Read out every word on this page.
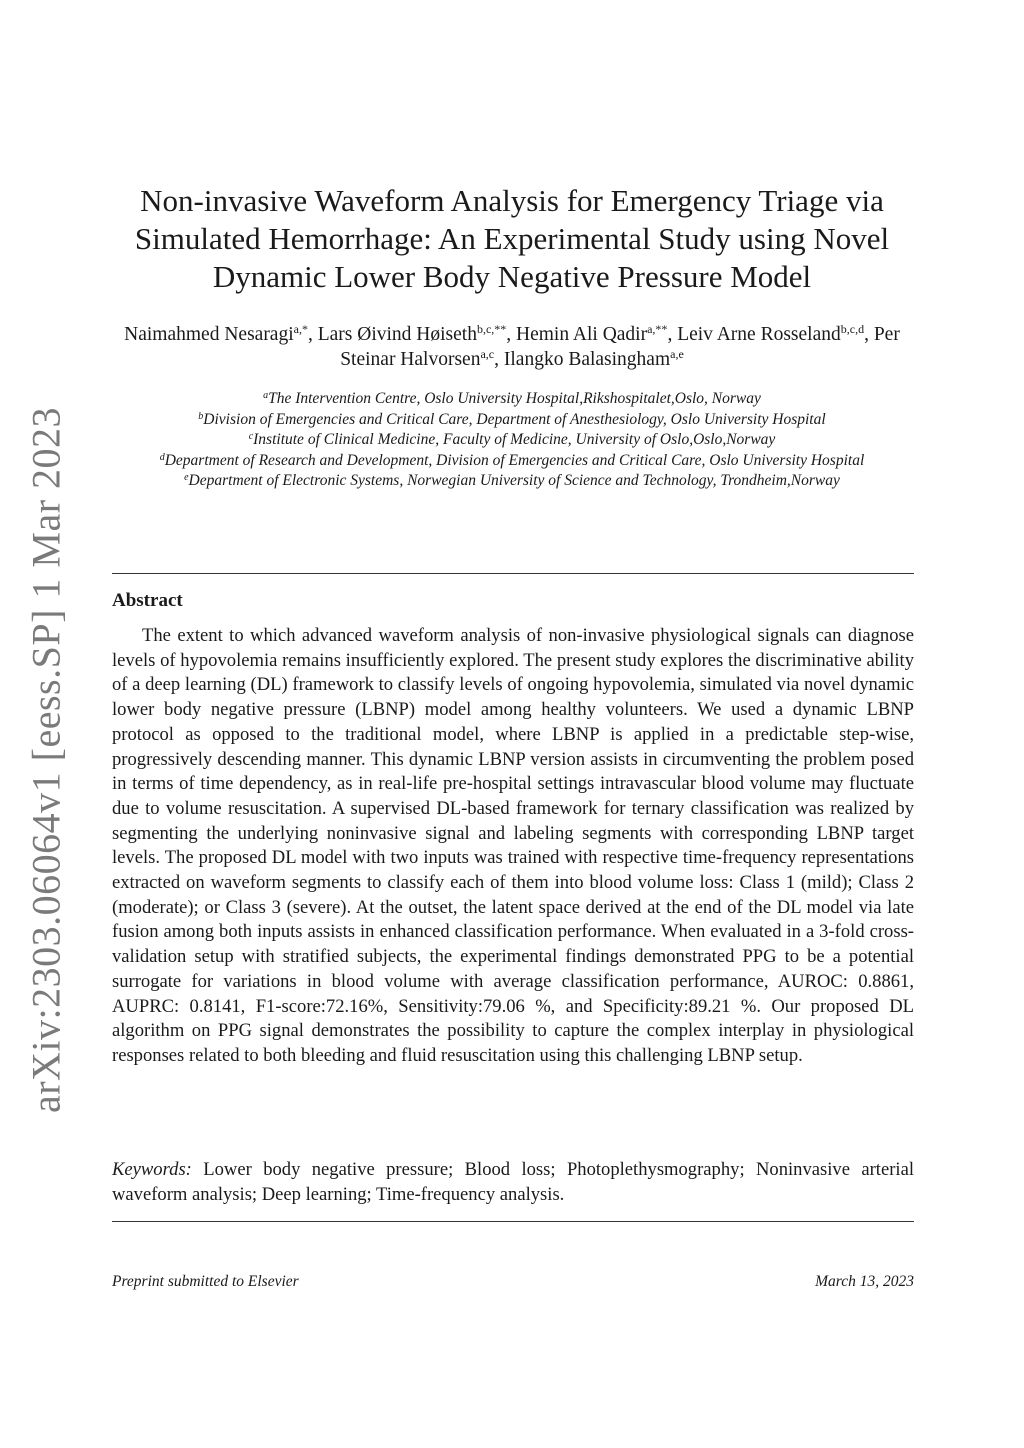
arXiv:2303.06064v1 [eess.SP] 1 Mar 2023
Non-invasive Waveform Analysis for Emergency Triage via Simulated Hemorrhage: An Experimental Study using Novel Dynamic Lower Body Negative Pressure Model
Naimahmed Nesaragi$^{a,*}$, Lars Øivind Høiseth$^{b,c,**}$, Hemin Ali Qadir$^{a,**}$, Leiv Arne Rosseland$^{b,c,d}$, Per Steinar Halvorsen$^{a,c}$, Ilangko Balasingham$^{a,e}$
$^a$The Intervention Centre, Oslo University Hospital,Rikshospitalet,Oslo, Norway
$^b$Division of Emergencies and Critical Care, Department of Anesthesiology, Oslo University Hospital
$^c$Institute of Clinical Medicine, Faculty of Medicine, University of Oslo,Oslo,Norway
$^d$Department of Research and Development, Division of Emergencies and Critical Care, Oslo University Hospital
$^e$Department of Electronic Systems, Norwegian University of Science and Technology, Trondheim,Norway
Abstract
The extent to which advanced waveform analysis of non-invasive physiological signals can diagnose levels of hypovolemia remains insufficiently explored. The present study explores the discriminative ability of a deep learning (DL) framework to classify levels of ongoing hypovolemia, simulated via novel dynamic lower body negative pressure (LBNP) model among healthy volunteers. We used a dynamic LBNP protocol as opposed to the traditional model, where LBNP is applied in a predictable step-wise, progressively descending manner. This dynamic LBNP version assists in circumventing the problem posed in terms of time dependency, as in real-life pre-hospital settings intravascular blood volume may fluctuate due to volume resuscitation. A supervised DL-based framework for ternary classification was realized by segmenting the underlying noninvasive signal and labeling segments with corresponding LBNP target levels. The proposed DL model with two inputs was trained with respective time-frequency representations extracted on waveform segments to classify each of them into blood volume loss: Class 1 (mild); Class 2 (moderate); or Class 3 (severe). At the outset, the latent space derived at the end of the DL model via late fusion among both inputs assists in enhanced classification performance. When evaluated in a 3-fold cross-validation setup with stratified subjects, the experimental findings demonstrated PPG to be a potential surrogate for variations in blood volume with average classification performance, AUROC: 0.8861, AUPRC: 0.8141, F1-score:72.16%, Sensitivity:79.06 %, and Specificity:89.21 %. Our proposed DL algorithm on PPG signal demonstrates the possibility to capture the complex interplay in physiological responses related to both bleeding and fluid resuscitation using this challenging LBNP setup.
Keywords: Lower body negative pressure; Blood loss; Photoplethysmography; Noninvasive arterial waveform analysis; Deep learning; Time-frequency analysis.
Preprint submitted to Elsevier	March 13, 2023
